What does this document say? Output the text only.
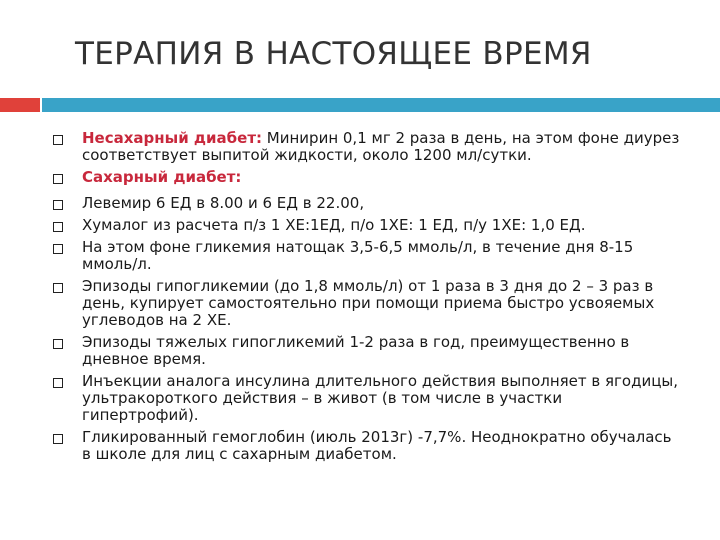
ТЕРАПИЯ В НАСТОЯЩЕЕ ВРЕМЯ
Несахарный диабет: Минирин 0,1 мг 2 раза в день, на этом фоне диурез соответствует выпитой жидкости, около 1200 мл/сутки.
Сахарный диабет:
Левемир 6 ЕД в 8.00 и 6 ЕД в 22.00,
Хумалог из расчета п/з 1 ХЕ:1ЕД, п/о 1ХЕ: 1 ЕД, п/у 1ХЕ: 1,0 ЕД.
На этом фоне гликемия натощак 3,5-6,5 ммоль/л, в течение дня 8-15 ммоль/л.
Эпизоды гипогликемии (до 1,8 ммоль/л) от 1 раза в 3 дня до 2 – 3 раз в день, купирует самостоятельно при помощи приема быстро усвояемых углеводов на 2 ХЕ.
Эпизоды тяжелых гипогликемий 1-2 раза в год, преимущественно в дневное время.
Инъекции аналога инсулина длительного действия выполняет в ягодицы, ультракороткого действия – в живот (в том числе в участки гипертрофий).
Гликированный гемоглобин (июль 2013г) -7,7%. Неоднократно обучалась в школе для лиц с сахарным диабетом.
